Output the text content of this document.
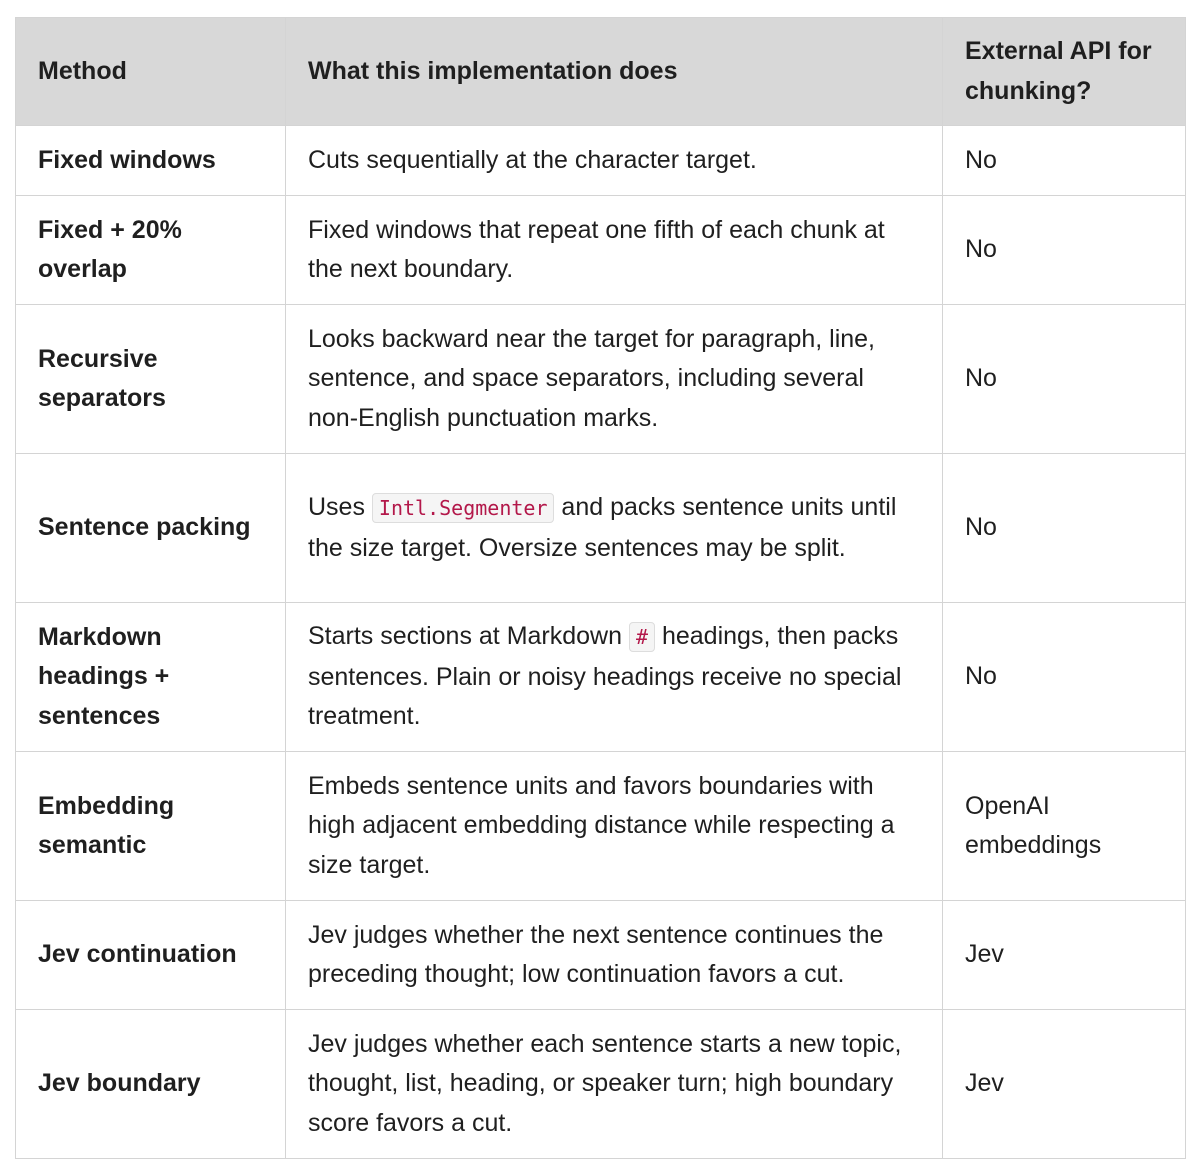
Method	What this implementation does	External API for chunking?
Fixed windows	Cuts sequentially at the character target.	No
Fixed + 20% overlap	Fixed windows that repeat one fifth of each chunk at the next boundary.	No
Recursive separators	Looks backward near the target for paragraph, line, sentence, and space separators, including several non-English punctuation marks.	No
Sentence packing	Uses Intl.Segmenter and packs sentence units until the size target. Oversize sentences may be split.	No
Markdown headings + sentences	Starts sections at Markdown # headings, then packs sentences. Plain or noisy headings receive no special treatment.	No
Embedding semantic	Embeds sentence units and favors boundaries with high adjacent embedding distance while respecting a size target.	OpenAI embeddings
Jev continuation	Jev judges whether the next sentence continues the preceding thought; low continuation favors a cut.	Jev
Jev boundary	Jev judges whether each sentence starts a new topic, thought, list, heading, or speaker turn; high boundary score favors a cut.	Jev
